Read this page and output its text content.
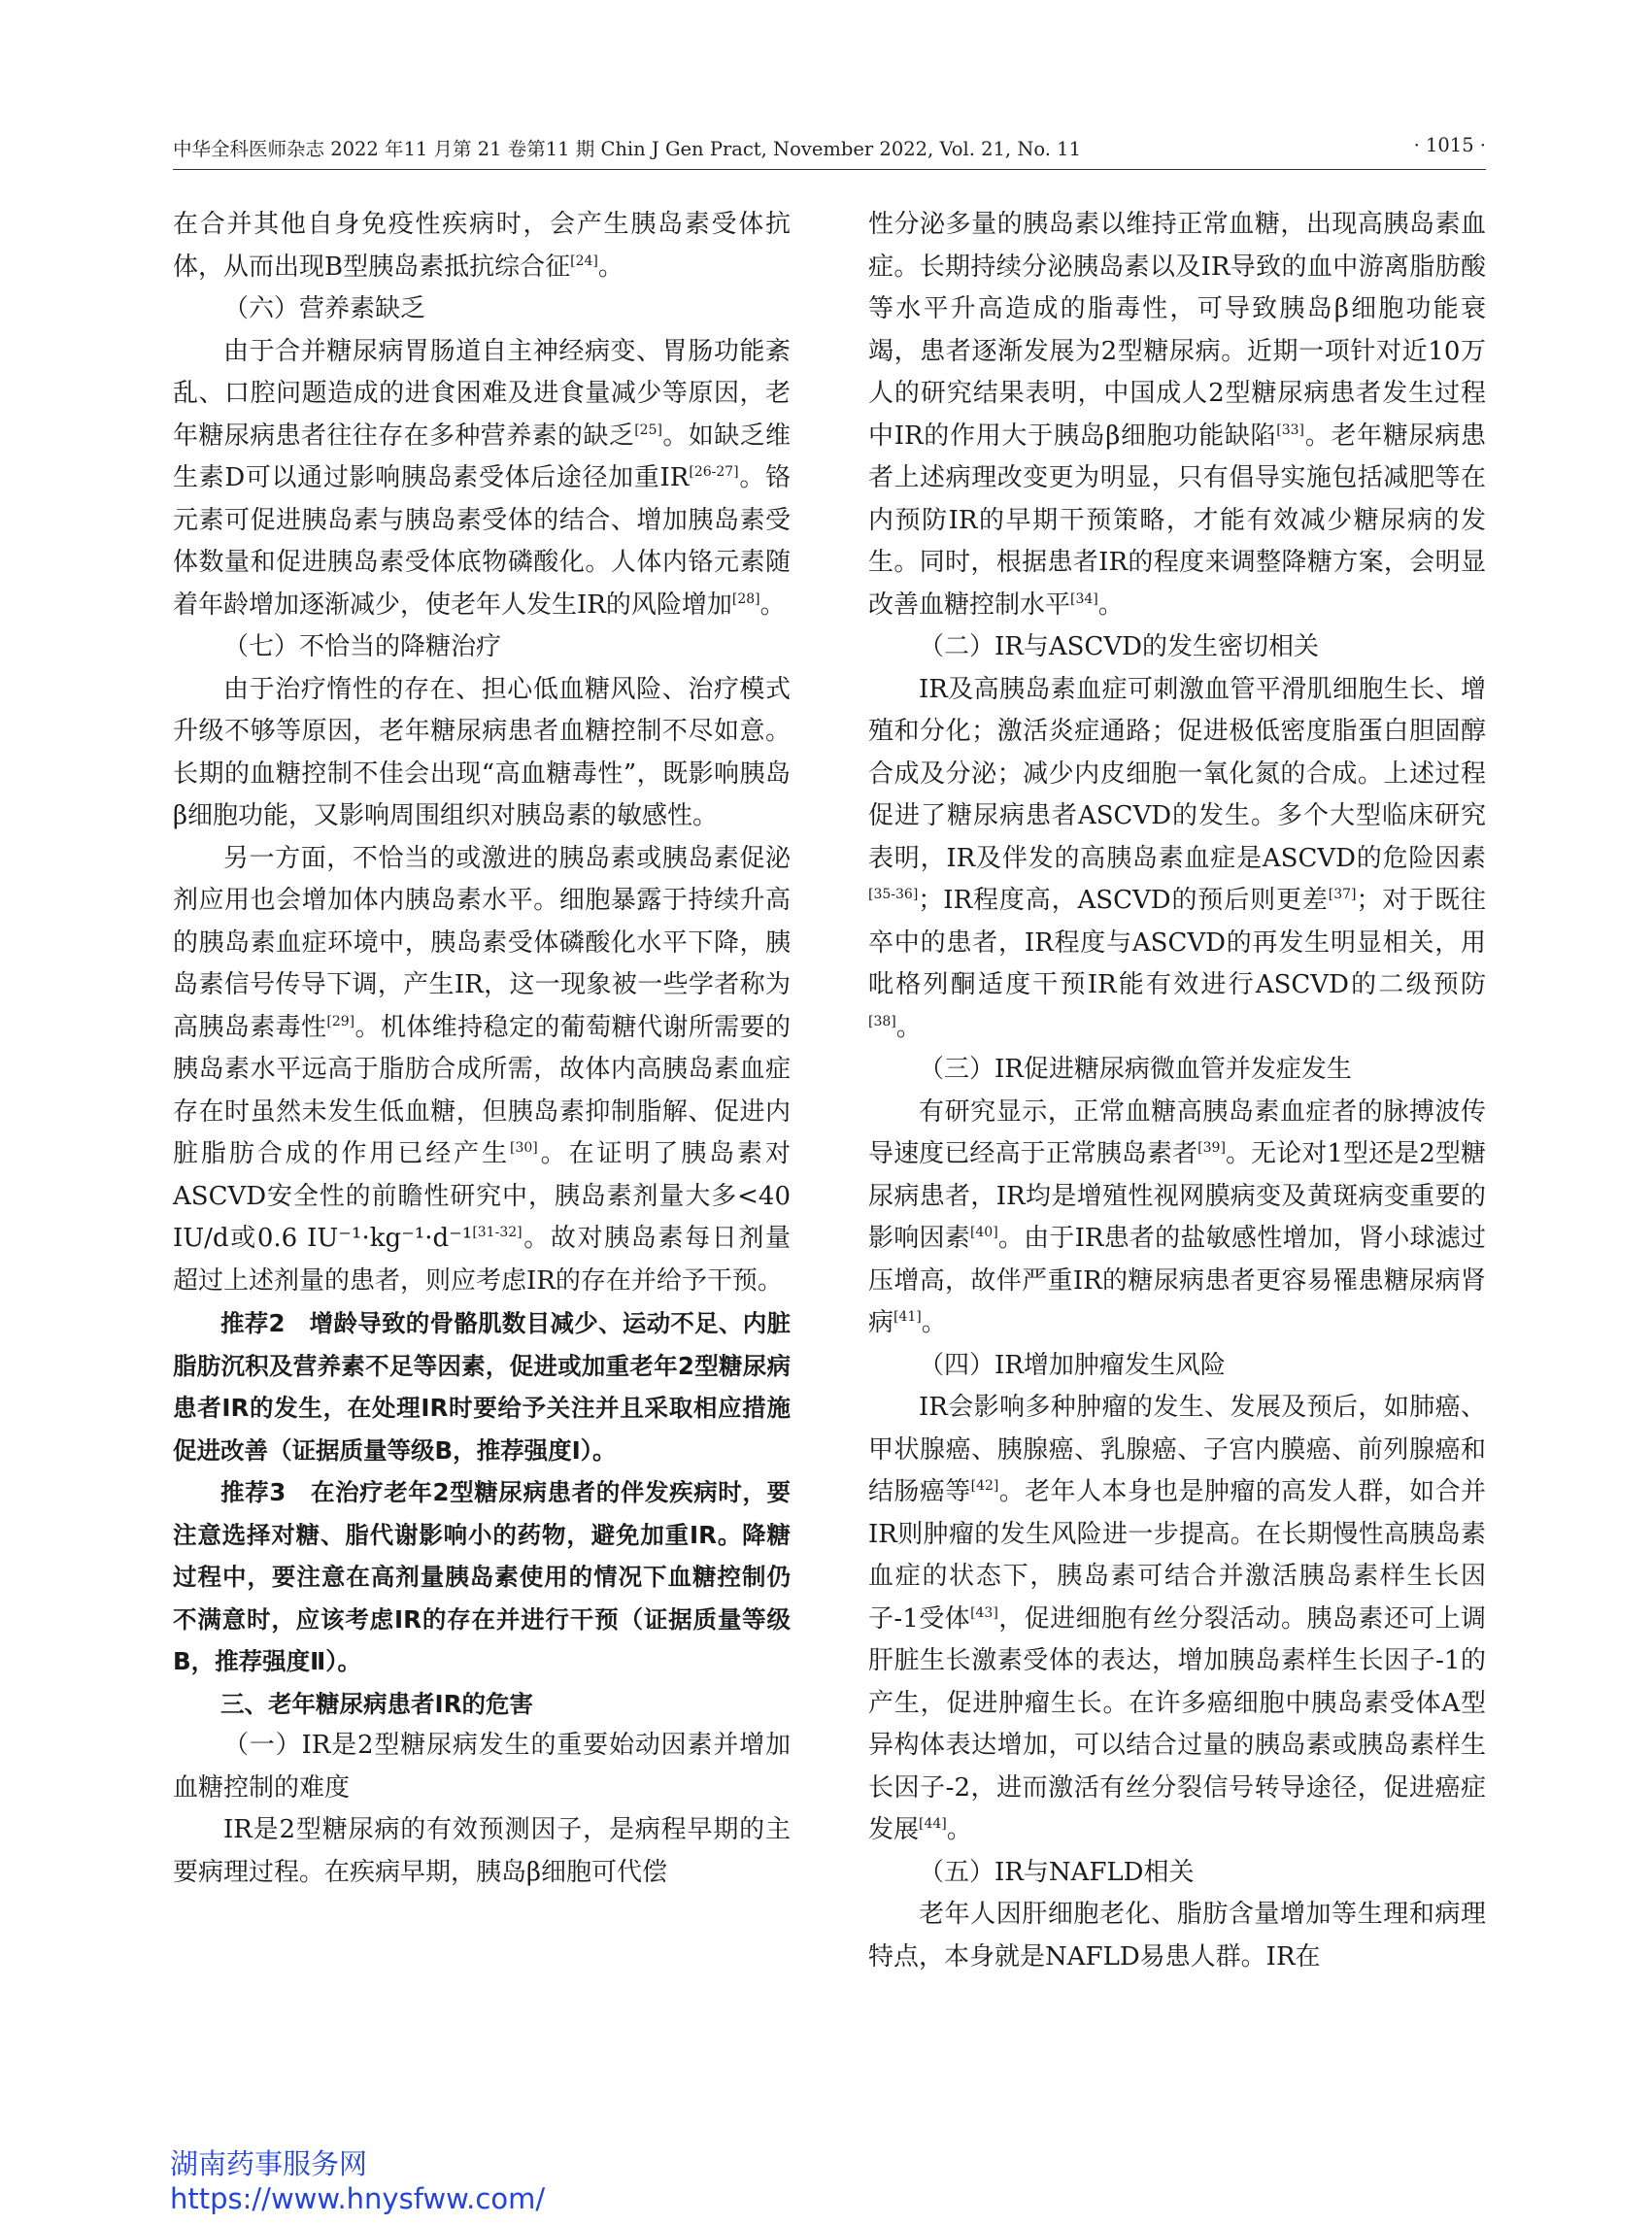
中华全科医师杂志 2022 年11 月第 21 卷第11 期 Chin J Gen Pract, November 2022, Vol. 21, No. 11	· 1015 ·

在合并其他自身免疫性疾病时，会产生胰岛素受体抗体，从而出现B型胰岛素抵抗综合征[24]。

（六）营养素缺乏

由于合并糖尿病胃肠道自主神经病变、胃肠功能紊乱、口腔问题造成的进食困难及进食量减少等原因，老年糖尿病患者往往存在多种营养素的缺乏[25]。如缺乏维生素D可以通过影响胰岛素受体后途径加重IR[26-27]。铬元素可促进胰岛素与胰岛素受体的结合、增加胰岛素受体数量和促进胰岛素受体底物磷酸化。人体内铬元素随着年龄增加逐渐减少，使老年人发生IR的风险增加[28]。

（七）不恰当的降糖治疗

由于治疗惰性的存在、担心低血糖风险、治疗模式升级不够等原因，老年糖尿病患者血糖控制不尽如意。长期的血糖控制不佳会出现“高血糖毒性”，既影响胰岛β细胞功能，又影响周围组织对胰岛素的敏感性。

另一方面，不恰当的或激进的胰岛素或胰岛素促泌剂应用也会增加体内胰岛素水平。细胞暴露于持续升高的胰岛素血症环境中，胰岛素受体磷酸化水平下降，胰岛素信号传导下调，产生IR，这一现象被一些学者称为高胰岛素毒性[29]。机体维持稳定的葡萄糖代谢所需要的胰岛素水平远高于脂肪合成所需，故体内高胰岛素血症存在时虽然未发生低血糖，但胰岛素抑制脂解、促进内脏脂肪合成的作用已经产生[30]。在证明了胰岛素对ASCVD安全性的前瞻性研究中，胰岛素剂量大多<40 IU/d或0.6 IU⁻¹·kg⁻¹·d⁻¹[31-32]。故对胰岛素每日剂量超过上述剂量的患者，则应考虑IR的存在并给予干预。

推荐2　增龄导致的骨骼肌数目减少、运动不足、内脏脂肪沉积及营养素不足等因素，促进或加重老年2型糖尿病患者IR的发生，在处理IR时要给予关注并且采取相应措施促进改善（证据质量等级B，推荐强度Ⅰ）。

推荐3　在治疗老年2型糖尿病患者的伴发疾病时，要注意选择对糖、脂代谢影响小的药物，避免加重IR。降糖过程中，要注意在高剂量胰岛素使用的情况下血糖控制仍不满意时，应该考虑IR的存在并进行干预（证据质量等级B，推荐强度Ⅱ）。

三、老年糖尿病患者IR的危害

（一）IR是2型糖尿病发生的重要始动因素并增加血糖控制的难度

IR是2型糖尿病的有效预测因子，是病程早期的主要病理过程。在疾病早期，胰岛β细胞可代偿

性分泌多量的胰岛素以维持正常血糖，出现高胰岛素血症。长期持续分泌胰岛素以及IR导致的血中游离脂肪酸等水平升高造成的脂毒性，可导致胰岛β细胞功能衰竭，患者逐渐发展为2型糖尿病。近期一项针对近10万人的研究结果表明，中国成人2型糖尿病患者发生过程中IR的作用大于胰岛β细胞功能缺陷[33]。老年糖尿病患者上述病理改变更为明显，只有倡导实施包括减肥等在内预防IR的早期干预策略，才能有效减少糖尿病的发生。同时，根据患者IR的程度来调整降糖方案，会明显改善血糖控制水平[34]。

（二）IR与ASCVD的发生密切相关

IR及高胰岛素血症可刺激血管平滑肌细胞生长、增殖和分化；激活炎症通路；促进极低密度脂蛋白胆固醇合成及分泌；减少内皮细胞一氧化氮的合成。上述过程促进了糖尿病患者ASCVD的发生。多个大型临床研究表明，IR及伴发的高胰岛素血症是ASCVD的危险因素[35-36]；IR程度高，ASCVD的预后则更差[37]；对于既往卒中的患者，IR程度与ASCVD的再发生明显相关，用吡格列酮适度干预IR能有效进行ASCVD的二级预防[38]。

（三）IR促进糖尿病微血管并发症发生

有研究显示，正常血糖高胰岛素血症者的脉搏波传导速度已经高于正常胰岛素者[39]。无论对1型还是2型糖尿病患者，IR均是增殖性视网膜病变及黄斑病变重要的影响因素[40]。由于IR患者的盐敏感性增加，肾小球滤过压增高，故伴严重IR的糖尿病患者更容易罹患糖尿病肾病[41]。

（四）IR增加肿瘤发生风险

IR会影响多种肿瘤的发生、发展及预后，如肺癌、甲状腺癌、胰腺癌、乳腺癌、子宫内膜癌、前列腺癌和结肠癌等[42]。老年人本身也是肿瘤的高发人群，如合并IR则肿瘤的发生风险进一步提高。在长期慢性高胰岛素血症的状态下，胰岛素可结合并激活胰岛素样生长因子-1受体[43]，促进细胞有丝分裂活动。胰岛素还可上调肝脏生长激素受体的表达，增加胰岛素样生长因子-1的产生，促进肿瘤生长。在许多癌细胞中胰岛素受体A型异构体表达增加，可以结合过量的胰岛素或胰岛素样生长因子-2，进而激活有丝分裂信号转导途径，促进癌症发展[44]。

（五）IR与NAFLD相关

老年人因肝细胞老化、脂肪含量增加等生理和病理特点，本身就是NAFLD易患人群。IR在

湖南药事服务网
https://www.hnysfww.com/
